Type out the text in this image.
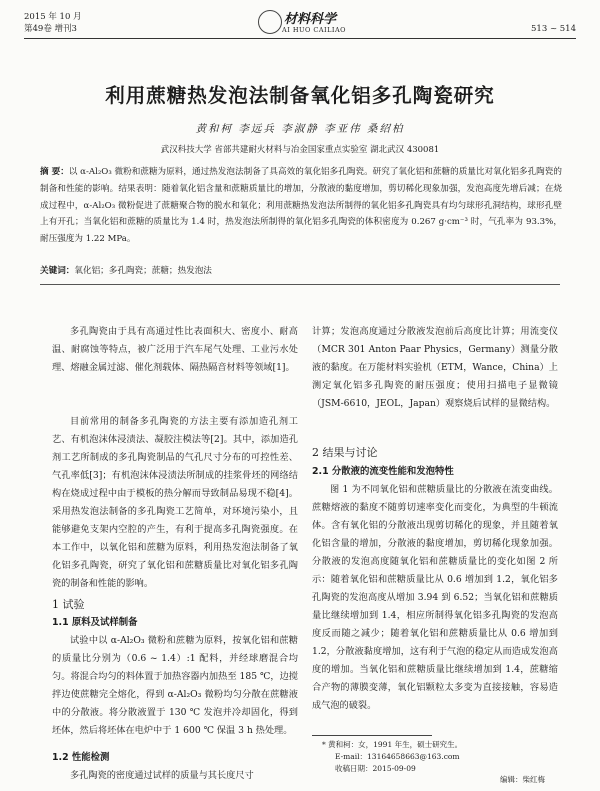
2015 年 10 月
第49卷 增刊3
材料科学
AI HUO CAILIAO	513 ~ 514
利用蔗糖热发泡法制备氧化铝多孔陶瓷研究
黄和柯 李远兵 李淑静 李亚伟 桑绍柏
武汉科技大学 省部共建耐火材料与冶金国家重点实验室 湖北武汉 430081
摘 要：以 α-Al₂O₃ 微粉和蔗糖为原料，通过热发泡法制备了具高效的氧化铝多孔陶瓷。研究了氧化铝和蔗糖的质量比对氧化铝多孔陶瓷的制备和性能的影响。结果表明：随着氧化铝含量和蔗糖质量比的增加，分散液的黏度增加，剪切稀化现象加强，发泡高度先增后减；在烧成过程中，α-Al₂O₃ 微粉促进了蔗糖聚合物的脱水和氧化；利用蔗糖热发泡法所制得的氧化铝多孔陶瓷具有均匀球形孔洞结构，球形孔壁上有开孔；当氧化铝和蔗糖的质量比为 1.4 时，热发泡法所制得的氧化铝多孔陶瓷的体积密度为 0.267 g·cm⁻³ 时，气孔率为 93.3%，耐压强度为 1.22 MPa。
关键词：氧化铝；多孔陶瓷；蔗糖；热发泡法
多孔陶瓷由于具有高通过性比表面积大、密度小、耐高温、耐腐蚀等特点，被广泛用于汽车尾气处理、工业污水处理、熔融金属过滤、催化剂载体、隔热隔音材料等领域[1]。
目前常用的制备多孔陶瓷的方法主要有添加造孔剂工艺、有机泡沫体浸渍法、凝胶注模法等[2]。其中，添加造孔剂工艺所制成的多孔陶瓷制品的气孔尺寸分布的可控性差、气孔率低[3]；有机泡沫体浸渍法所制成的挂浆骨坯的网络结构在烧成过程中由于模板的热分解而导致制品易现不稳[4]。采用热发泡法制备的多孔陶瓷工艺简单，对环境污染小，且能够避免支架内空腔的产生，有利于提高多孔陶瓷强度。在本工作中，以氧化铝和蔗糖为原料，利用热发泡法制备了氧化铝多孔陶瓷，研究了氧化铝和蔗糖质量比对氧化铝多孔陶瓷的制备和性能的影响。
1 试验
1.1 原料及试样制备
试验中以 α-Al₂O₃ 微粉和蔗糖为原料，按氧化铝和蔗糖的质量比分别为（0.6 ~ 1.4）:1 配料，并经球磨混合均匀。将混合均匀的料体置于加热容器内加热至 185 ℃，边搅拌边使蔗糖完全熔化，得到 α-Al₂O₃ 微粉均匀分散在蔗糖液中的分散液。将分散液置于 130 ℃ 发泡并冷却固化，得到坯体，然后将坯体在电炉中于 1 600 ℃ 保温 3 h 热处理。
1.2 性能检测
多孔陶瓷的密度通过试样的质量与其长度尺寸
计算；发泡高度通过分散液发泡前后高度比计算；用流变仪（MCR 301 Anton Paar Physics，Germany）测量分散液的黏度。在万能材料实验机（ETM，Wance，China）上测定氧化铝多孔陶瓷的耐压强度；使用扫描电子显微镜（JSM-6610，JEOL，Japan）观察烧后试样的显微结构。
2 结果与讨论
2.1 分散液的流变性能和发泡特性
图 1 为不同氧化铝和蔗糖质量比的分散液在流变曲线。蔗糖熔液的黏度不随剪切速率变化而变化，为典型的牛顿流体。含有氧化铝的分散液出现剪切稀化的现象，并且随着氧化铝含量的增加，分散液的黏度增加，剪切稀化现象加强。分散液的发泡高度随氧化铝和蔗糖质量比的变化如图 2 所示：随着氧化铝和蔗糖质量比从 0.6 增加到 1.2，氧化铝多孔陶瓷的发泡高度从增加 3.94 到 6.52；当氧化铝和蔗糖质量比继续增加到 1.4，相应所制得氧化铝多孔陶瓷的发泡高度反而随之减少；随着氧化铝和蔗糖质量比从 0.6 增加到 1.2，分散液黏度增加，这有利于气泡的稳定从而造成发泡高度的增加。当氧化铝和蔗糖质量比继续增加到 1.4，蔗糖缩合产物的薄膜变薄，氧化铝颗粒太多变为直接接触，容易造成气泡的破裂。
* 黄和柯：女，1991 年生，硕士研究生。
E-mail：13164658663@163.com
收稿日期：2015-09-09
编辑：柴红梅
